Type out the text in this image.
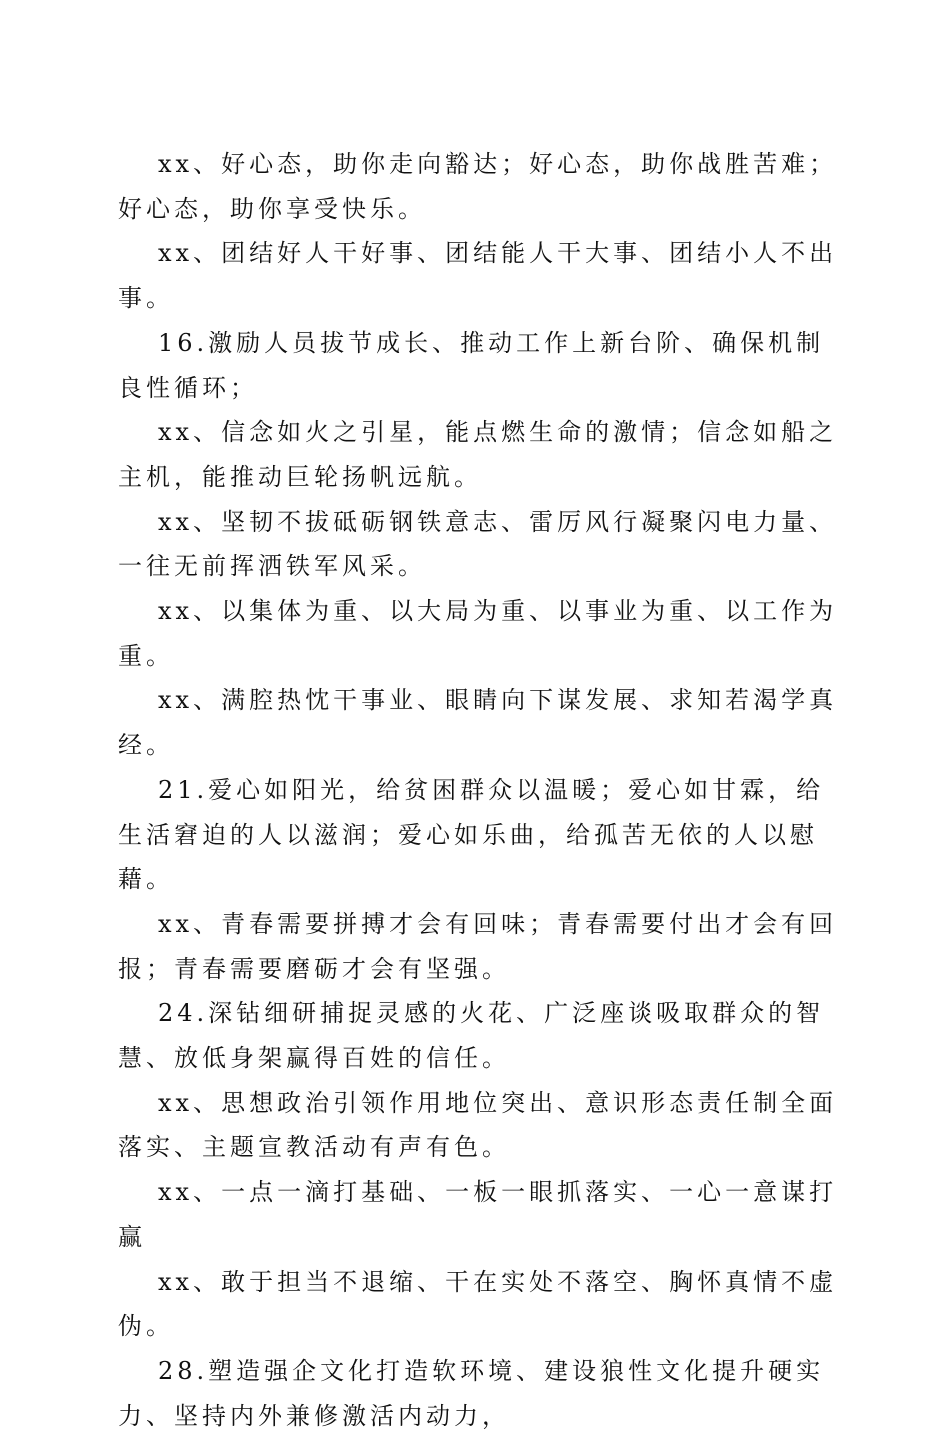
xx、好心态，助你走向豁达；好心态，助你战胜苦难；好心态，助你享受快乐。

xx、团结好人干好事、团结能人干大事、团结小人不出事。

16.激励人员拔节成长、推动工作上新台阶、确保机制良性循环；

xx、信念如火之引星，能点燃生命的激情；信念如船之主机，能推动巨轮扬帆远航。

xx、坚韧不拔砥砺钢铁意志、雷厉风行凝聚闪电力量、一往无前挥洒铁军风采。

xx、以集体为重、以大局为重、以事业为重、以工作为重。

xx、满腔热忱干事业、眼睛向下谋发展、求知若渴学真经。

21.爱心如阳光，给贫困群众以温暖；爱心如甘霖，给生活窘迫的人以滋润；爱心如乐曲，给孤苦无依的人以慰藉。

xx、青春需要拼搏才会有回味；青春需要付出才会有回报；青春需要磨砺才会有坚强。

24.深钻细研捕捉灵感的火花、广泛座谈吸取群众的智慧、放低身架赢得百姓的信任。

xx、思想政治引领作用地位突出、意识形态责任制全面落实、主题宣教活动有声有色。

xx、一点一滴打基础、一板一眼抓落实、一心一意谋打赢

xx、敢于担当不退缩、干在实处不落空、胸怀真情不虚伪。

28.塑造强企文化打造软环境、建设狼性文化提升硬实力、坚持内外兼修激活内动力，
